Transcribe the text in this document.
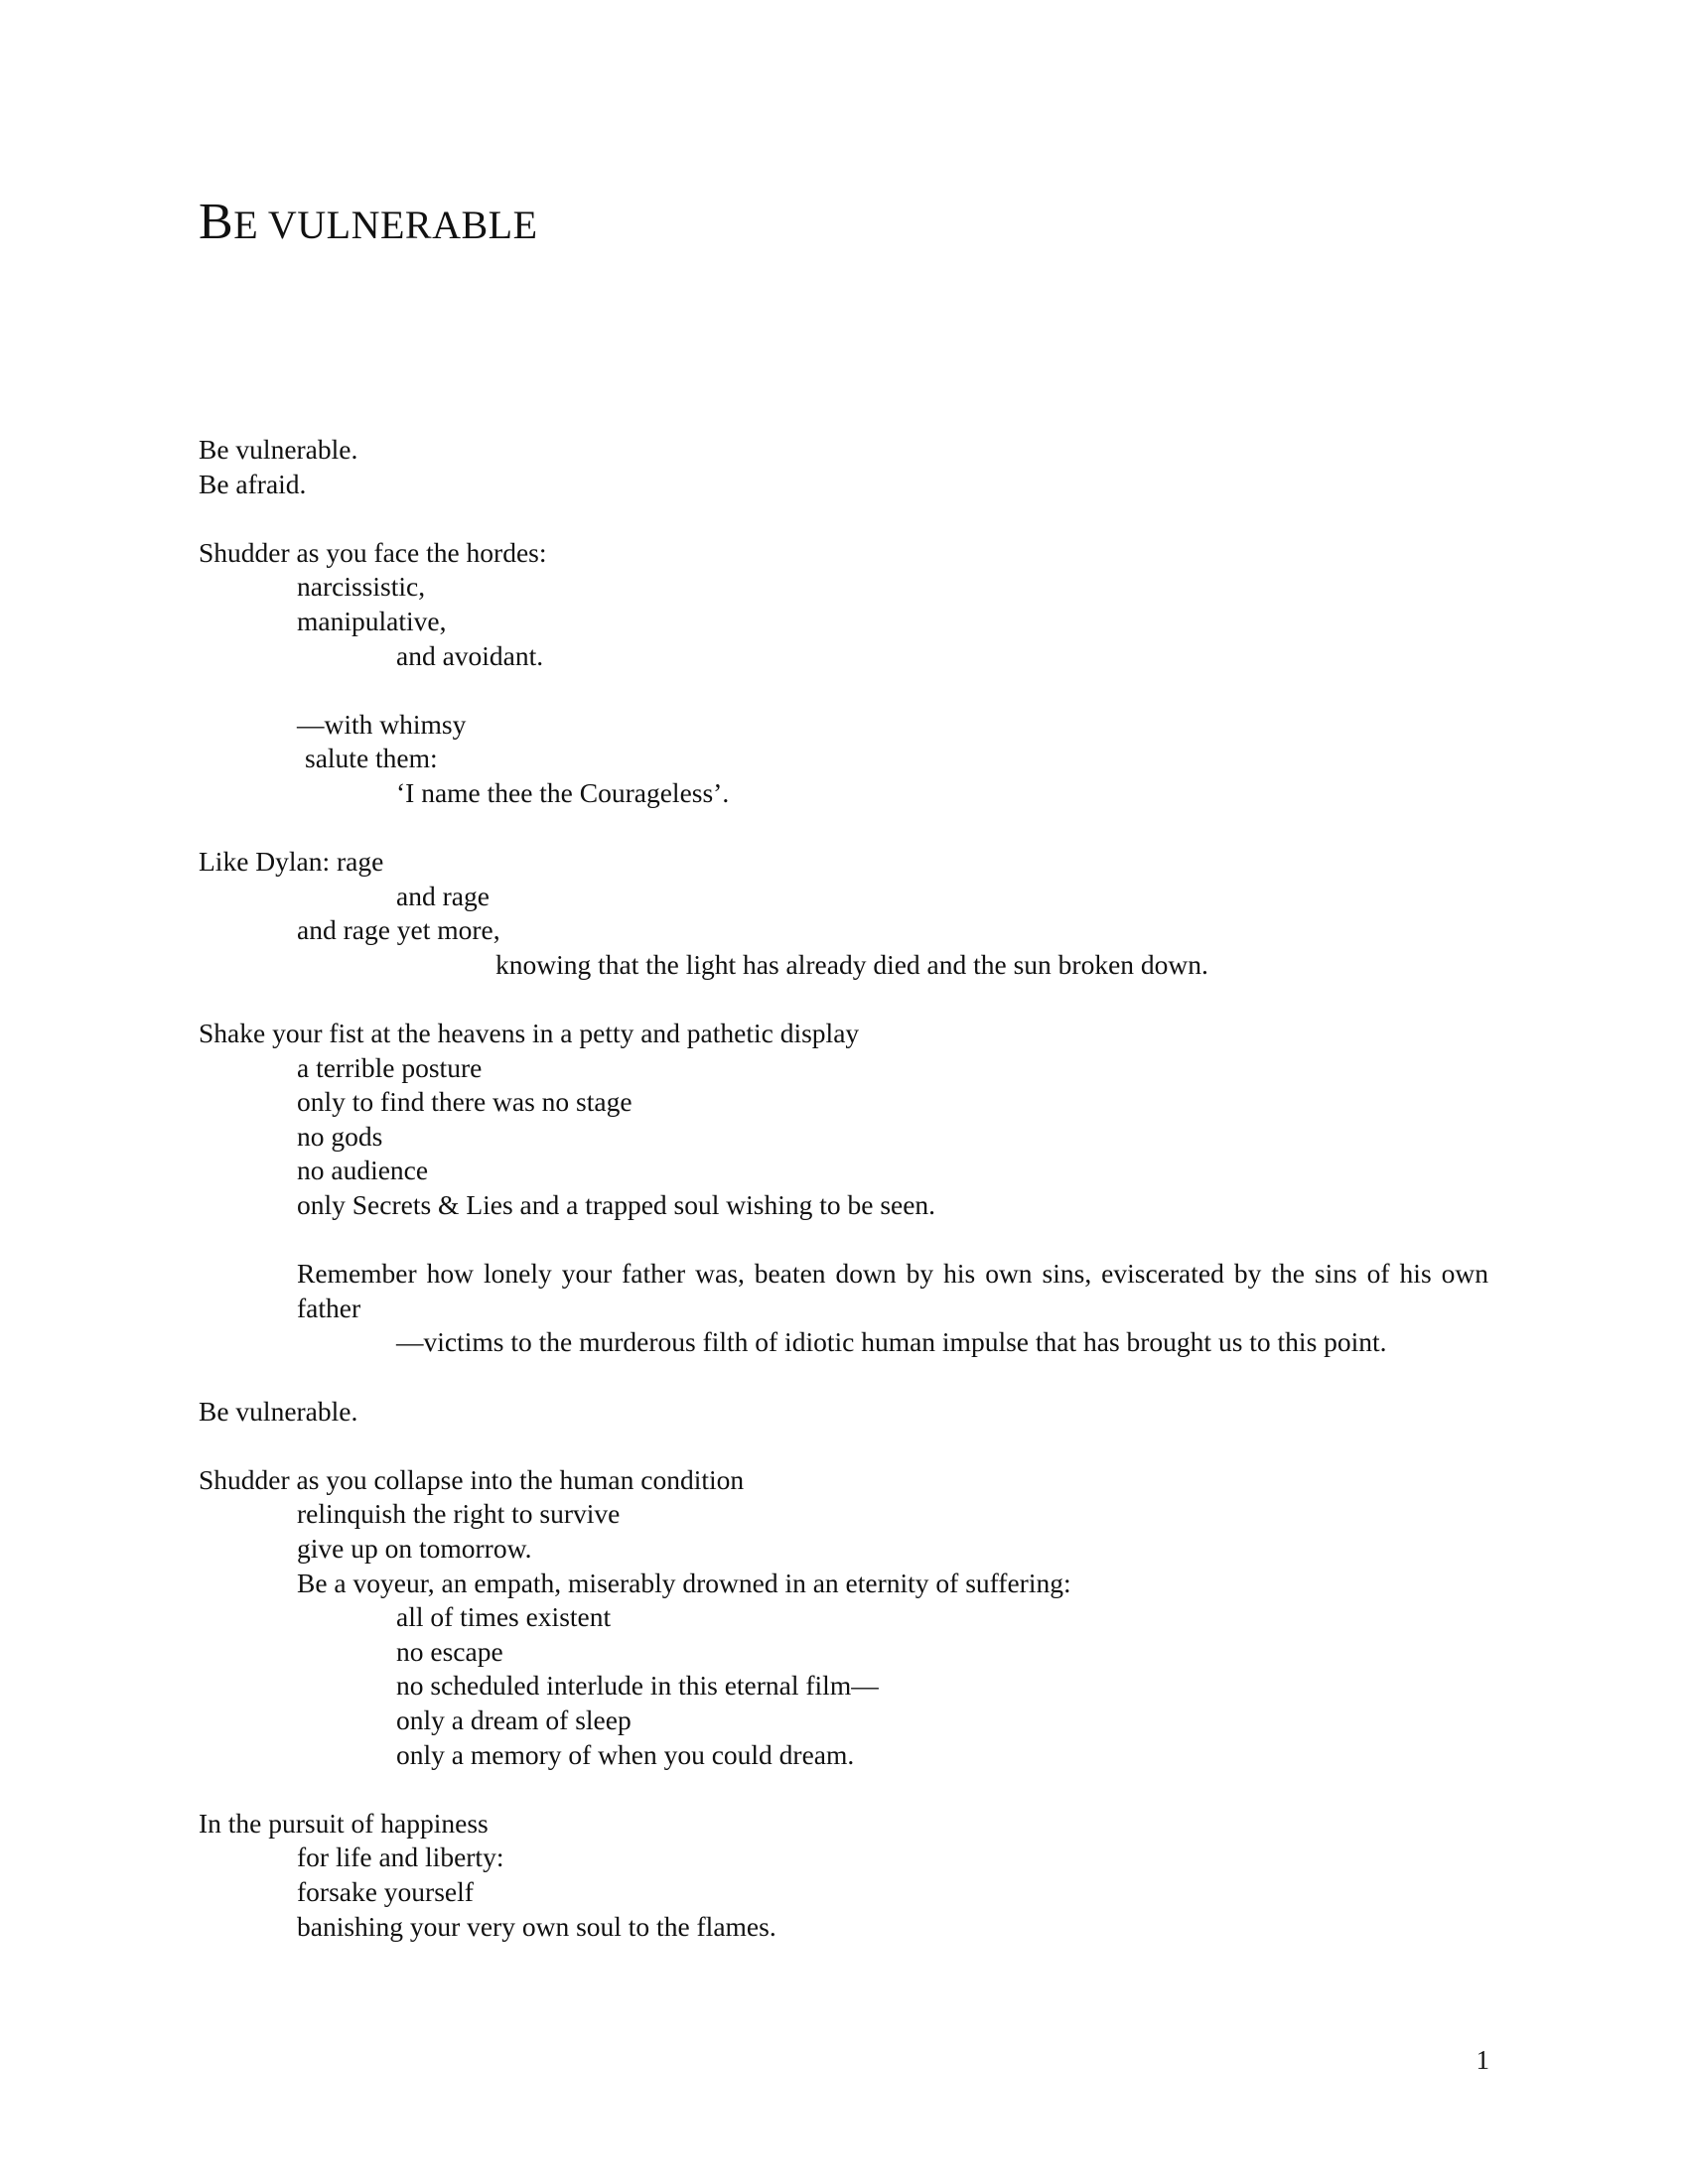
BE VULNERABLE
Be vulnerable.
Be afraid.
Shudder as you face the hordes:
narcissistic,
manipulative,
and avoidant.
—with whimsy
salute them:
‘I name thee the Courageless’.
Like Dylan: rage
and rage
and rage yet more,
knowing that the light has already died and the sun broken down.
Shake your fist at the heavens in a petty and pathetic display
a terrible posture
only to find there was no stage
no gods
no audience
only Secrets & Lies and a trapped soul wishing to be seen.
Remember how lonely your father was, beaten down by his own sins, eviscerated by the sins of his own father
—victims to the murderous filth of idiotic human impulse that has brought us to this point.
Be vulnerable.
Shudder as you collapse into the human condition
relinquish the right to survive
give up on tomorrow.
Be a voyeur, an empath, miserably drowned in an eternity of suffering:
all of times existent
no escape
no scheduled interlude in this eternal film—
only a dream of sleep
only a memory of when you could dream.
In the pursuit of happiness
for life and liberty:
forsake yourself
banishing your very own soul to the flames.
1
